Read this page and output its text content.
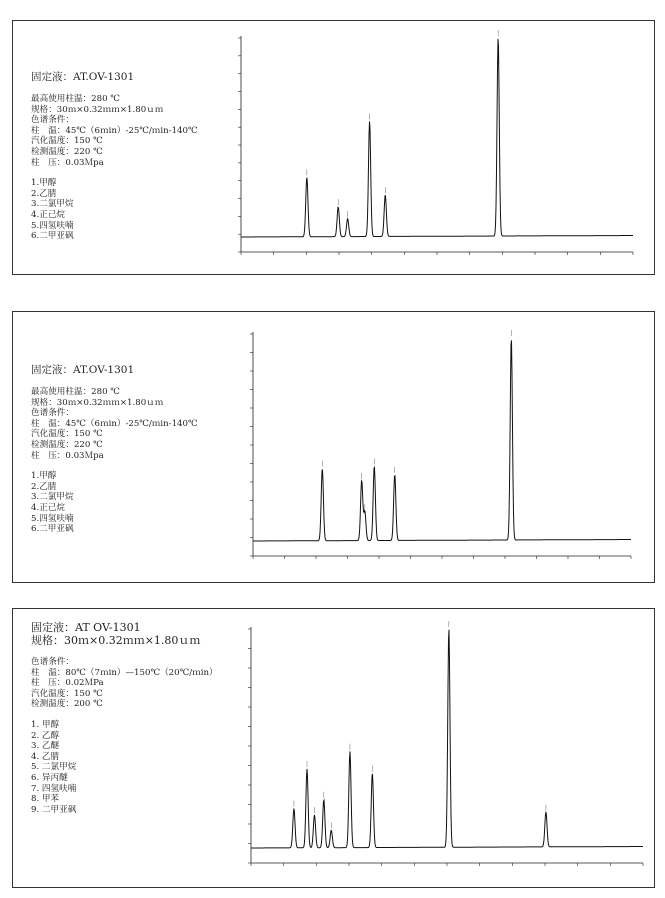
固定液：AT.OV-1301
最高使用柱温：280 ℃
规格：30ｍ×0.32ｍｍ×1.80ｕｍ
色谱条件：
柱　温：45℃（6ｍin）-25℃/ｍin-140℃
汽化温度：150 ℃
检测温度：220 ℃
柱　压：0.03Ｍpa
1.甲醇
2.乙腈
3.二氯甲烷
4.正己烷
5.四氢呋喃
6.二甲亚砜
固定液：AT.OV-1301
最高使用柱温：280 ℃
规格：30ｍ×0.32ｍｍ×1.80ｕｍ
色谱条件：
柱　温：45℃（6ｍin）-25℃/ｍin-140℃
汽化温度：150 ℃
检测温度：220 ℃
柱　压：0.03Ｍpa
1.甲醇
2.乙腈
3.二氯甲烷
4.正己烷
5.四氢呋喃
6.二甲亚砜
固定液：AT OV-1301
规格：30ｍ×0.32ｍｍ×1.80ｕｍ
色谱条件：
柱　温：80℃（7ｍin）—150℃（20℃/ｍin）
柱　压：0.02ＭPa
汽化温度：150 ℃
检测温度：200 ℃
1. 甲醇
2. 乙醇
3. 乙醚
4. 乙腈
5. 二氯甲烷
6. 异丙醚
7. 四氢呋喃
8. 甲苯
9. 二甲亚砜
